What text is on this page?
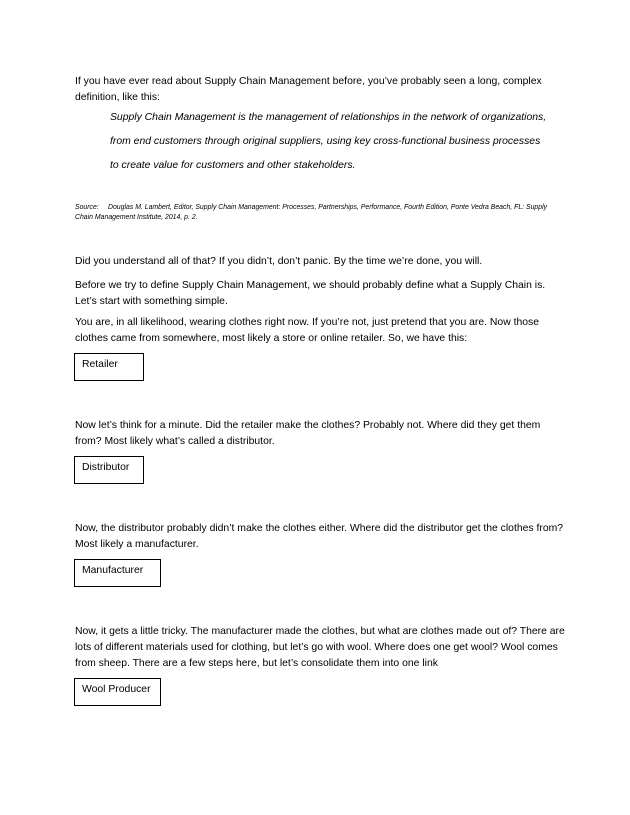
If you have ever read about Supply Chain Management before, you’ve probably seen a long, complex definition, like this:

Supply Chain Management is the management of relationships in the network of organizations,

from end customers through original suppliers, using key cross-functional business processes

to create value for customers and other stakeholders.

Source: Douglas M. Lambert, Editor, Supply Chain Management: Processes, Partnerships, Performance, Fourth Edition, Ponte Vedra Beach, FL: Supply Chain Management Institute, 2014, p. 2.

Did you understand all of that? If you didn’t, don’t panic. By the time we’re done, you will.

Before we try to define Supply Chain Management, we should probably define what a Supply Chain is. Let’s start with something simple.

You are, in all likelihood, wearing clothes right now. If you’re not, just pretend that you are. Now those clothes came from somewhere, most likely a store or online retailer. So, we have this:

Retailer

Now let’s think for a minute. Did the retailer make the clothes? Probably not. Where did they get them from? Most likely what’s called a distributor.

Distributor

Now, the distributor probably didn’t make the clothes either. Where did the distributor get the clothes from? Most likely a manufacturer.

Manufacturer

Now, it gets a little tricky. The manufacturer made the clothes, but what are clothes made out of? There are lots of different materials used for clothing, but let’s go with wool. Where does one get wool? Wool comes from sheep. There are a few steps here, but let’s consolidate them into one link

Wool Producer
